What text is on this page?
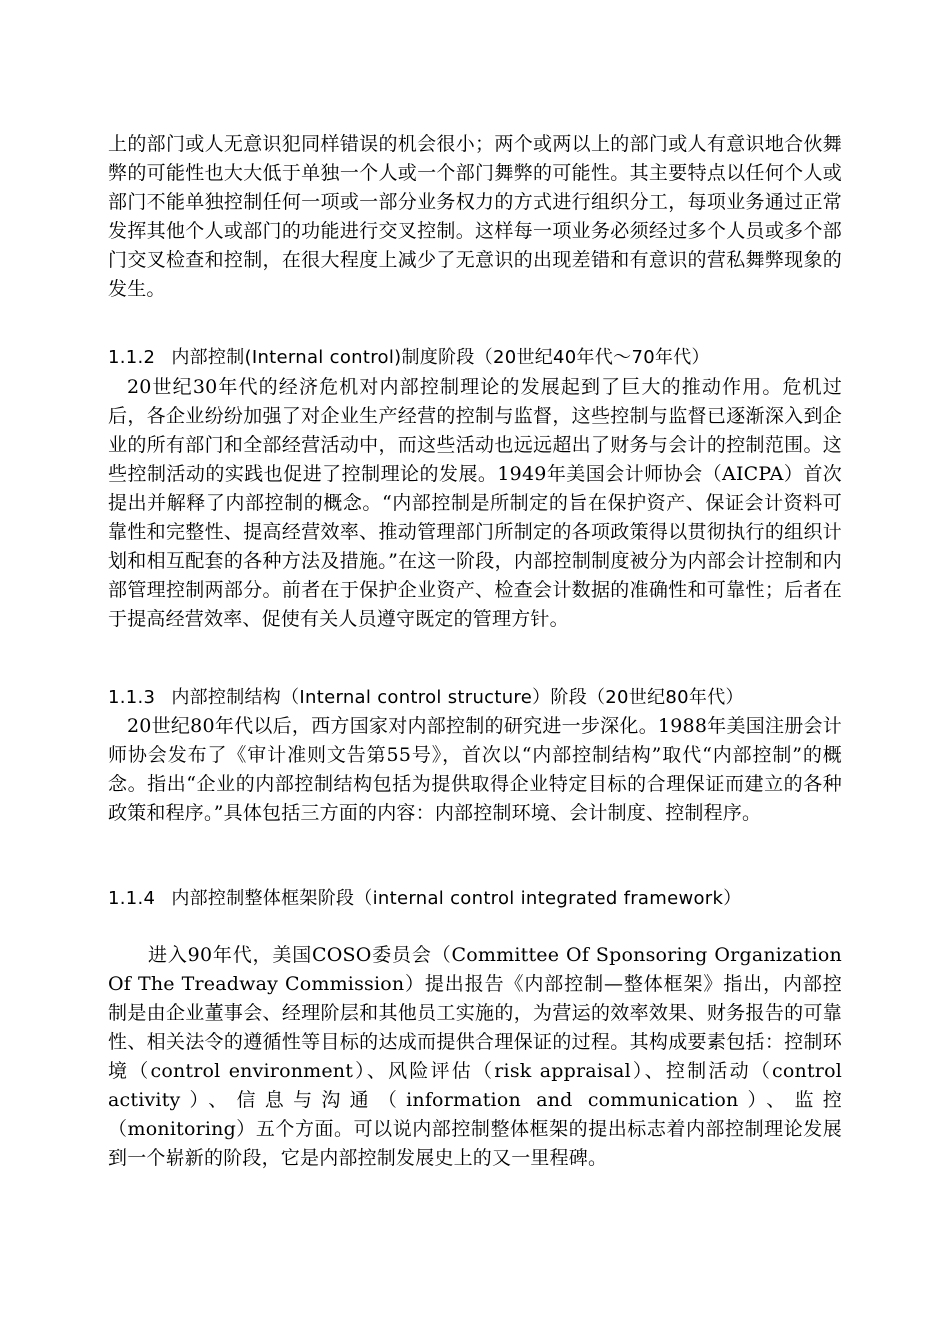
上的部门或人无意识犯同样错误的机会很小；两个或两以上的部门或人有意识地合伙舞弊的可能性也大大低于单独一个人或一个部门舞弊的可能性。其主要特点以任何个人或部门不能单独控制任何一项或一部分业务权力的方式进行组织分工，每项业务通过正常发挥其他个人或部门的功能进行交叉控制。这样每一项业务必须经过多个人员或多个部门交叉检查和控制，在很大程度上减少了无意识的出现差错和有意识的营私舞弊现象的发生。

1.1.2 内部控制(Internal control)制度阶段（20世纪40年代～70年代）

20世纪30年代的经济危机对内部控制理论的发展起到了巨大的推动作用。危机过后，各企业纷纷加强了对企业生产经营的控制与监督，这些控制与监督已逐渐深入到企业的所有部门和全部经营活动中，而这些活动也远远超出了财务与会计的控制范围。这些控制活动的实践也促进了控制理论的发展。1949年美国会计师协会（AICPA）首次提出并解释了内部控制的概念。“内部控制是所制定的旨在保护资产、保证会计资料可靠性和完整性、提高经营效率、推动管理部门所制定的各项政策得以贯彻执行的组织计划和相互配套的各种方法及措施。”在这一阶段，内部控制制度被分为内部会计控制和内部管理控制两部分。前者在于保护企业资产、检查会计数据的准确性和可靠性；后者在于提高经营效率、促使有关人员遵守既定的管理方针。

1.1.3 内部控制结构（Internal control structure）阶段（20世纪80年代）

20世纪80年代以后，西方国家对内部控制的研究进一步深化。1988年美国注册会计师协会发布了《审计准则文告第55号》，首次以“内部控制结构”取代“内部控制”的概念。指出“企业的内部控制结构包括为提供取得企业特定目标的合理保证而建立的各种政策和程序。”具体包括三方面的内容：内部控制环境、会计制度、控制程序。

1.1.4 内部控制整体框架阶段（internal control integrated framework）

进入90年代，美国COSO委员会（Committee Of Sponsoring Organization Of The Treadway Commission）提出报告《内部控制—整体框架》指出，内部控制是由企业董事会、经理阶层和其他员工实施的，为营运的效率效果、财务报告的可靠性、相关法令的遵循性等目标的达成而提供合理保证的过程。其构成要素包括：控制环境（control environment）、风险评估（risk appraisal）、控制活动（control activity）、信息与沟通（information and communication）、监控（monitoring）五个方面。可以说内部控制整体框架的提出标志着内部控制理论发展到一个崭新的阶段，它是内部控制发展史上的又一里程碑。
